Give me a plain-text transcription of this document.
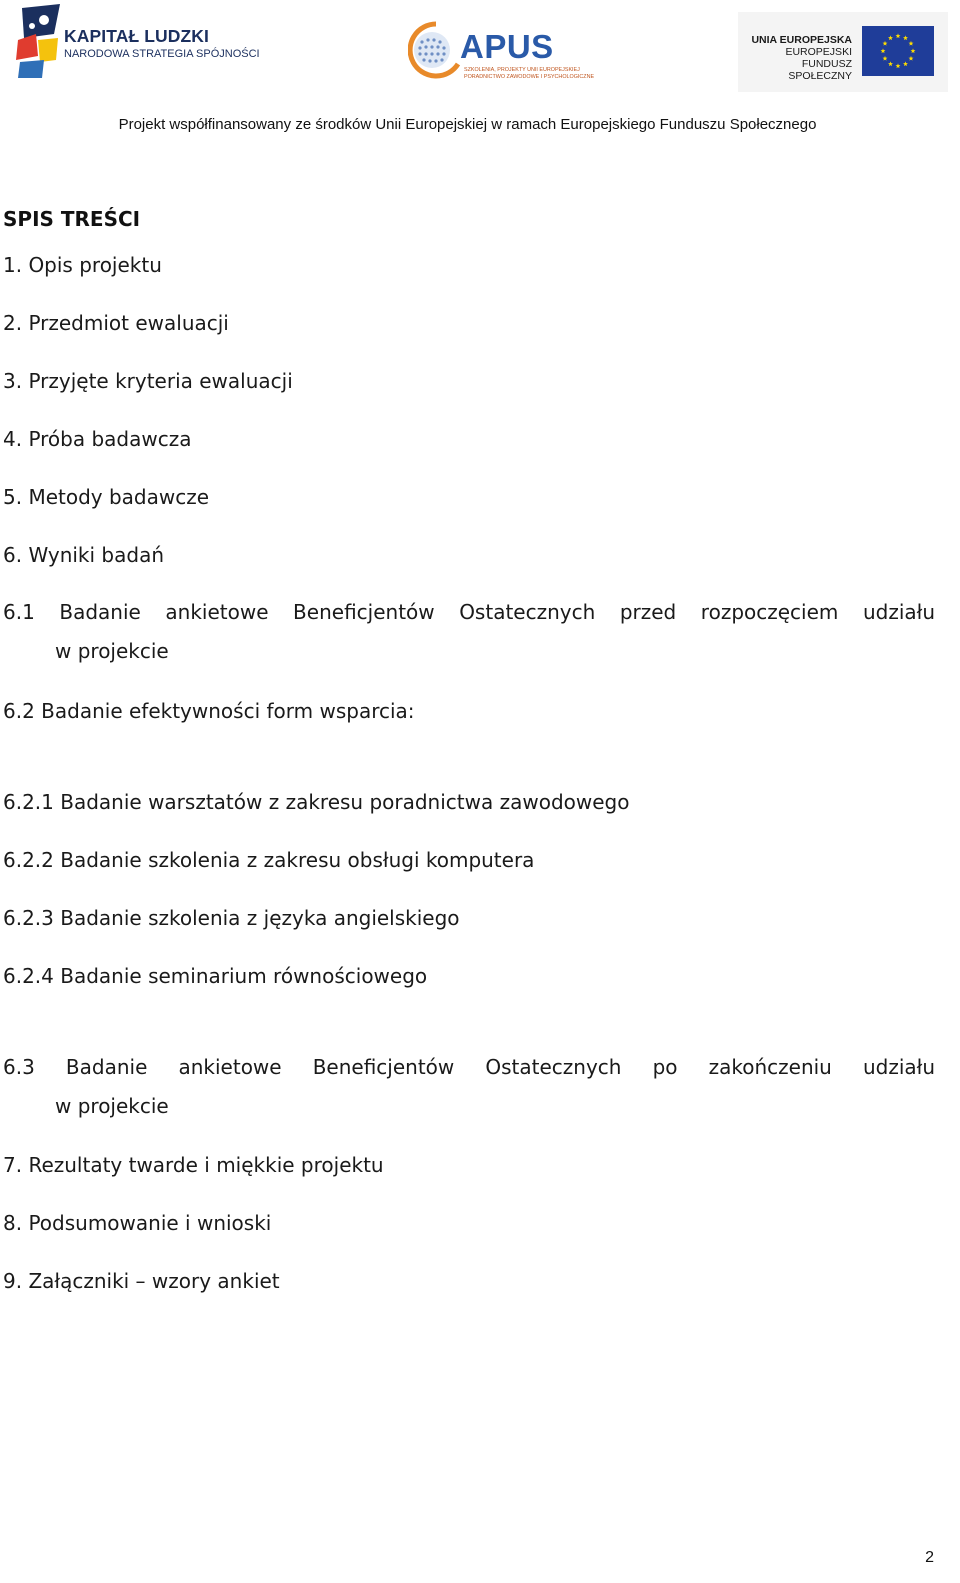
KAPITAŁ LUDZKI
NARODOWA STRATEGIA SPÓJNOŚCI	APUS
SZKOLENIA, PROJEKTY UNII EUROPEJSKIEJ
PORADNICTWO ZAWODOWE I PSYCHOLOGICZNE
UNIA EUROPEJSKA
EUROPEJSKI
FUNDUSZ SPOŁECZNY
Projekt współfinansowany ze środków Unii Europejskiej w ramach Europejskiego Funduszu Społecznego
SPIS TREŚCI
1. Opis projektu
2. Przedmiot ewaluacji
3. Przyjęte kryteria ewaluacji
4. Próba badawcza
5. Metody badawcze
6. Wyniki badań
6.1 Badanie ankietowe Beneficjentów Ostatecznych przed rozpoczęciem udziału
w projekcie
6.2 Badanie efektywności form wsparcia:
6.2.1 Badanie warsztatów z zakresu poradnictwa zawodowego
6.2.2 Badanie szkolenia z zakresu obsługi komputera
6.2.3 Badanie szkolenia z języka angielskiego
6.2.4 Badanie seminarium równościowego
6.3 Badanie ankietowe Beneficjentów Ostatecznych po zakończeniu udziału
w projekcie
7. Rezultaty twarde i miękkie projektu
8. Podsumowanie i wnioski
9. Załączniki – wzory ankiet
2
